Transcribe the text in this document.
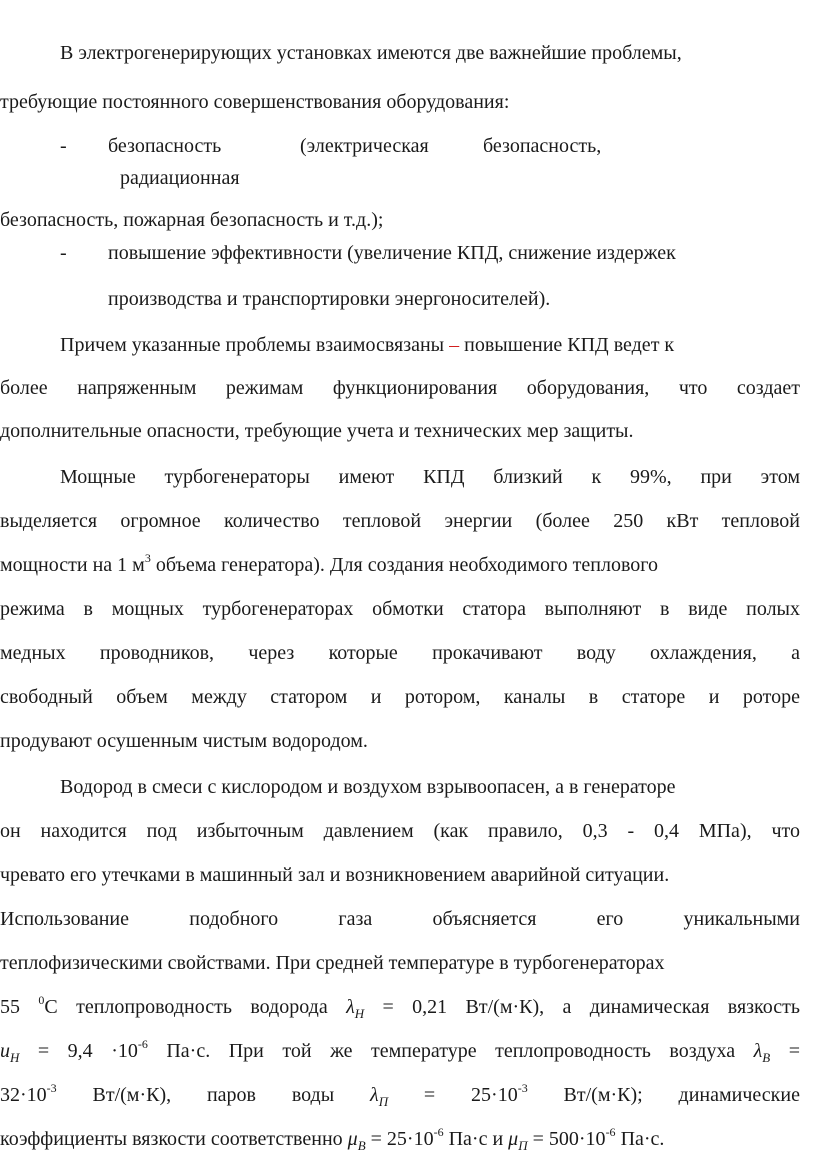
В электрогенерирующих установках имеются две важнейшие проблемы,
требующие постоянного совершенствования оборудования:
-	безопасность	(электрическая	безопасность,
радиационная
безопасность, пожарная безопасность и т.д.);
-	повышение эффективности (увеличение КПД, снижение издержек
производства и транспортировки энергоносителей).
Причем указанные проблемы взаимосвязаны – повышение КПД ведет к
более напряженным режимам функционирования оборудования, что создает
дополнительные опасности, требующие учета и технических мер защиты.
Мощные турбогенераторы имеют КПД близкий к 99%, при этом
выделяется огромное количество тепловой энергии (более 250 кВт тепловой
мощности на 1 $м^3$ объема генератора). Для создания необходимого теплового
режима в мощных турбогенераторах обмотки статора выполняют в виде полых
медных проводников, через которые прокачивают воду охлаждения, а
свободный объем между статором и ротором, каналы в статоре и роторе
продувают осушенным чистым водородом.
Водород в смеси с кислородом и воздухом взрывоопасен, а в генераторе
он находится под избыточным давлением (как правило, 0,3 - 0,4 МПа), что
чревато его утечками в машинный зал и возникновением аварийной ситуации.
Использование подобного газа объясняется его уникальными
теплофизическими свойствами. При средней температуре в турбогенераторах
55 $^0$С теплопроводность водорода $\lambda_H = 0,21$ Вт/(м·К), а динамическая вязкость
$и_H = 9,4 \cdot 10^{-6}$ Па·с. При той же температуре теплопроводность воздуха $\lambda_B$ =
$32\cdot 10^{-3}$ Вт/(м·К), паров воды $\lambda_П = 25\cdot 10^{-3}$ Вт/(м·К); динамические
коэффициенты вязкости соответственно $\mu_B = 25\cdot 10^{-6}$ Па·с и $\mu_П = 500\cdot 10^{-6}$ Па·с.
